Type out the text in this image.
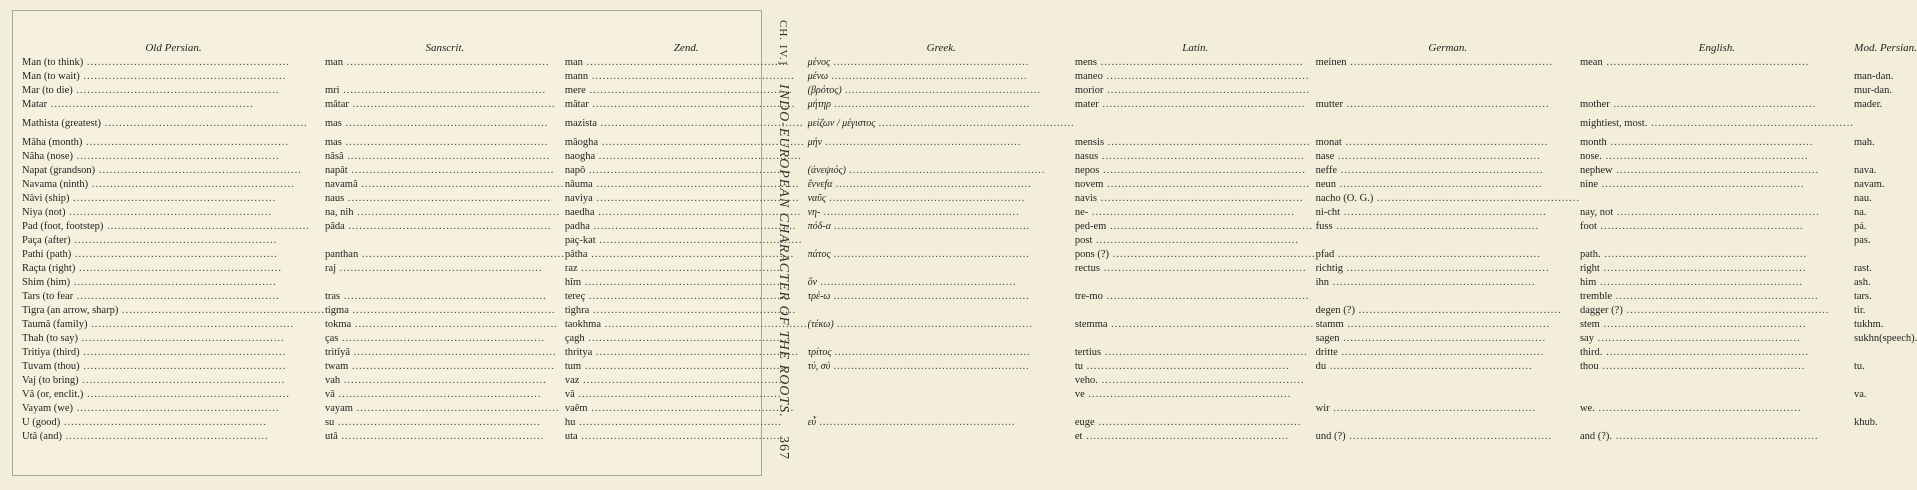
CH. IV.]
INDO-EUROPEAN CHARACTER OF THE ROOTS.
367
Old Persian.	Sanscrit.	Zend.	Greek.	Latin.	German.	English.	Mod. Persian.
Man (to think) .....	man .....	man .....	μένος .....	mens .....	meinen .....	mean .....	
Man (to wait) .....		mann .....	μένω .....	maneo .....			man-dan.
Mar (to die) .....	mri .....	mere .....	(βρότος) .....	morior .....			mur-dan.
Matar .....	mâtar .....	mâtar .....	μήτηρ .....	mater .....	mutter .....	mother .....	mader.
Mathista (greatest) .....	mas .....	mazista .....	μείζων / μέγιστος .....			mightiest, most. .....	
Mâha (month) .....	mas .....	mâogha .....	μήν .....	mensis .....	monat .....	month .....	mah.
Nâha (nose) .....	nâsâ .....	naogha .....		nasus .....	nase .....	nose. .....	
Napat (grandson) .....	napât .....	napô .....	(ἀνεψιός) .....	nepos .....	neffe .....	nephew .....	nava.
Navama (ninth) .....	navamâ .....	nâuma .....	ἔννεfα .....	novem .....	neun .....	nine .....	navam.
Nâvi (ship) .....	naus .....	naviya .....	ναῦς .....	navis .....	nacho (O. G.) .....		nau.
Niya (not) .....	na, nih .....	naedha .....	νη- .....	ne- .....	ni-cht .....	nay, not .....	na.
Pad (foot, footstep) .....	pâda .....	padha .....	πόδ-α .....	ped-em .....	fuss .....	foot .....	pá.
Paça (after) .....		paç-kat .....		post .....			pas.
Pathi (path) .....	panthan .....	pâtha .....	πάτος .....	pons (?) .....	pfad .....	path. .....	
Raçta (right) .....	raj .....	raz .....		rectus .....	richtig .....	right .....	rast.
Shim (him) .....		hîm .....	ὅν .....		ihn .....	him .....	ash.
Tars (to fear .....	tras .....	tereç .....	τρέ-ω .....	tre-mo .....		tremble .....	tars.
Tigra (an arrow, sharp) .....	tigma .....	tighra .....			degen (?) .....	dagger (?) .....	tir.
Taumâ (family) .....	tokma .....	taokhma .....	(τέκω) .....	stemma .....	stamm .....	stem .....	tukhm.
Thah (to say) .....	ças .....	çagh .....			sagen .....	say .....	sukhn(speech).
Tritiya (third) .....	tritîyâ .....	thritya .....	τρίτος .....	tertius .....	dritte .....	third. .....	
Tuvam (thou) .....	twam .....	tum .....	τύ, σύ .....	tu .....	du .....	thou .....	tu.
Vaj (to bring) .....	vah .....	vaz .....		veho. .....			
Vâ (or, enclit.) .....	vâ .....	vâ .....		ve .....			va.
Vayam (we) .....	vayam .....	vaêm .....			wir .....	we. .....	
U (good) .....	su .....	hu .....	εὖ .....	euge .....			khub.
Utâ (and) .....	utâ .....	uta .....		et .....	und (?) .....	and (?). .....	
